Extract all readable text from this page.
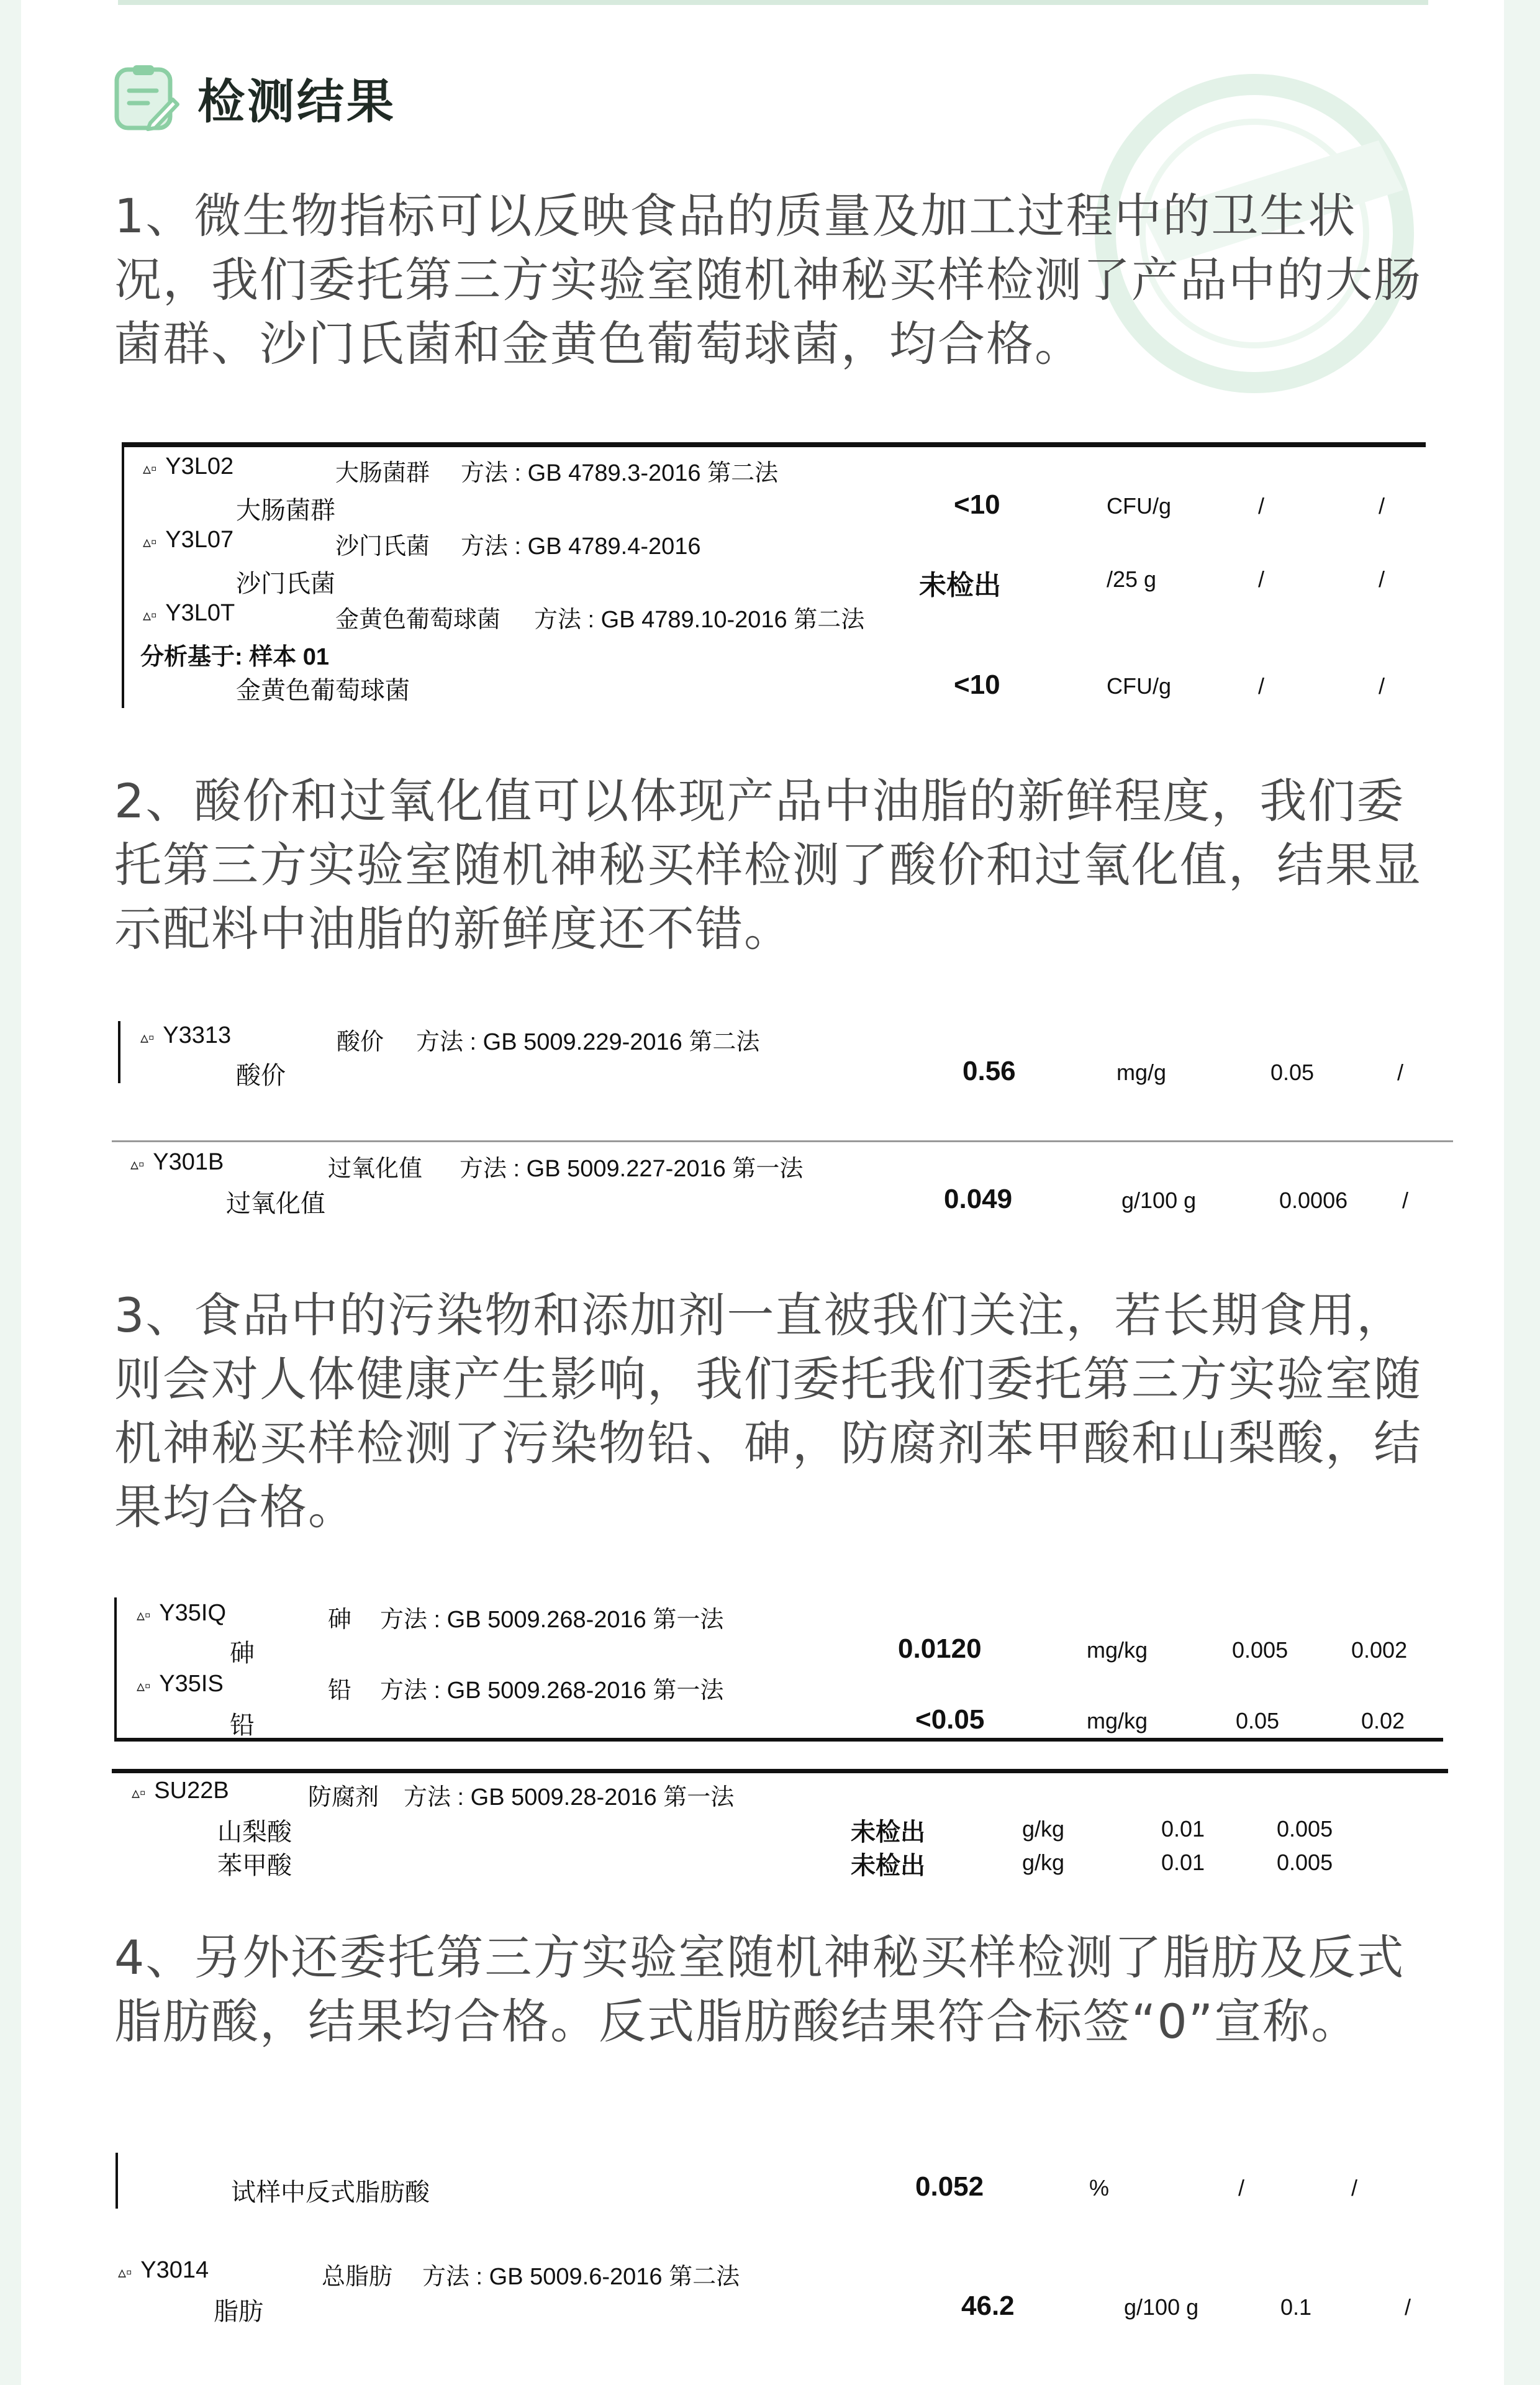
检测结果

1、微生物指标可以反映食品的质量及加工过程中的卫生状况，我们委托第三方实验室随机神秘买样检测了产品中的大肠菌群、沙门氏菌和金黄色葡萄球菌，均合格。

▵▫ Y3L02	大肠菌群 方法 : GB 4789.3-2016 第二法
大肠菌群	<10	CFU/g	/	/
▵▫ Y3L07	沙门氏菌 方法 : GB 4789.4-2016
沙门氏菌	未检出	/25 g	/	/
▵▫ Y3L0T	金黄色葡萄球菌 方法 : GB 4789.10-2016 第二法
分析基于: 样本 01
金黄色葡萄球菌	<10	CFU/g	/	/

2、酸价和过氧化值可以体现产品中油脂的新鲜程度，我们委托第三方实验室随机神秘买样检测了酸价和过氧化值，结果显示配料中油脂的新鲜度还不错。

▵▫ Y3313	酸价 方法 : GB 5009.229-2016 第二法
酸价	0.56	mg/g	0.05	/
▵▫ Y301B	过氧化值 方法 : GB 5009.227-2016 第一法
过氧化值	0.049	g/100 g	0.0006 /

3、食品中的污染物和添加剂一直被我们关注，若长期食用，则会对人体健康产生影响，我们委托我们委托第三方实验室随机神秘买样检测了污染物铅、砷，防腐剂苯甲酸和山梨酸，结果均合格。

▵▫ Y35IQ	砷 方法 : GB 5009.268-2016 第一法
砷	0.0120	mg/kg	0.005	0.002
▵▫ Y35IS	铅 方法 : GB 5009.268-2016 第一法
铅	<0.05	mg/kg	0.05	0.02
▵▫ SU22B	防腐剂 方法 : GB 5009.28-2016 第一法
山梨酸	未检出	g/kg	0.01	0.005
苯甲酸	未检出	g/kg	0.01	0.005

4、另外还委托第三方实验室随机神秘买样检测了脂肪及反式脂肪酸，结果均合格。反式脂肪酸结果符合标签“0”宣称。

试样中反式脂肪酸	0.052	%	/	/
▵▫ Y3014	总脂肪 方法 : GB 5009.6-2016 第二法
脂肪	46.2	g/100 g	0.1	/
